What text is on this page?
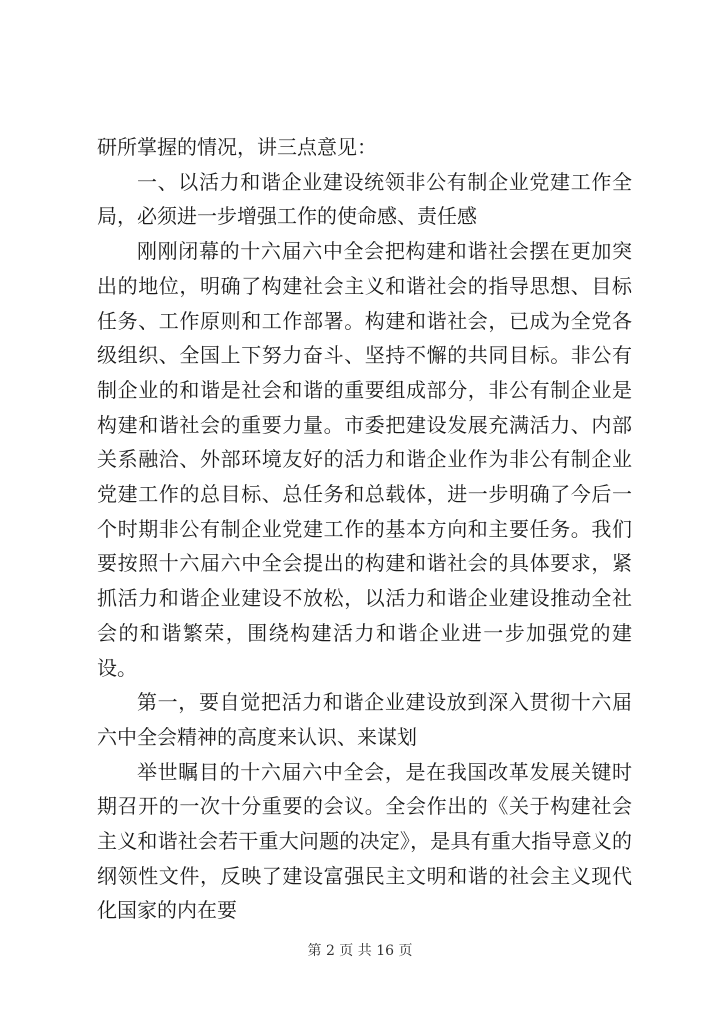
研所掌握的情况，讲三点意见：

一、以活力和谐企业建设统领非公有制企业党建工作全局，必须进一步增强工作的使命感、责任感

刚刚闭幕的十六届六中全会把构建和谐社会摆在更加突出的地位，明确了构建社会主义和谐社会的指导思想、目标任务、工作原则和工作部署。构建和谐社会，已成为全党各级组织、全国上下努力奋斗、坚持不懈的共同目标。非公有制企业的和谐是社会和谐的重要组成部分，非公有制企业是构建和谐社会的重要力量。市委把建设发展充满活力、内部关系融洽、外部环境友好的活力和谐企业作为非公有制企业党建工作的总目标、总任务和总载体，进一步明确了今后一个时期非公有制企业党建工作的基本方向和主要任务。我们要按照十六届六中全会提出的构建和谐社会的具体要求，紧抓活力和谐企业建设不放松，以活力和谐企业建设推动全社会的和谐繁荣，围绕构建活力和谐企业进一步加强党的建设。

第一，要自觉把活力和谐企业建设放到深入贯彻十六届六中全会精神的高度来认识、来谋划

举世瞩目的十六届六中全会，是在我国改革发展关键时期召开的一次十分重要的会议。全会作出的《关于构建社会主义和谐社会若干重大问题的决定》，是具有重大指导意义的纲领性文件，反映了建设富强民主文明和谐的社会主义现代化国家的内在要

第 2 页 共 16 页
